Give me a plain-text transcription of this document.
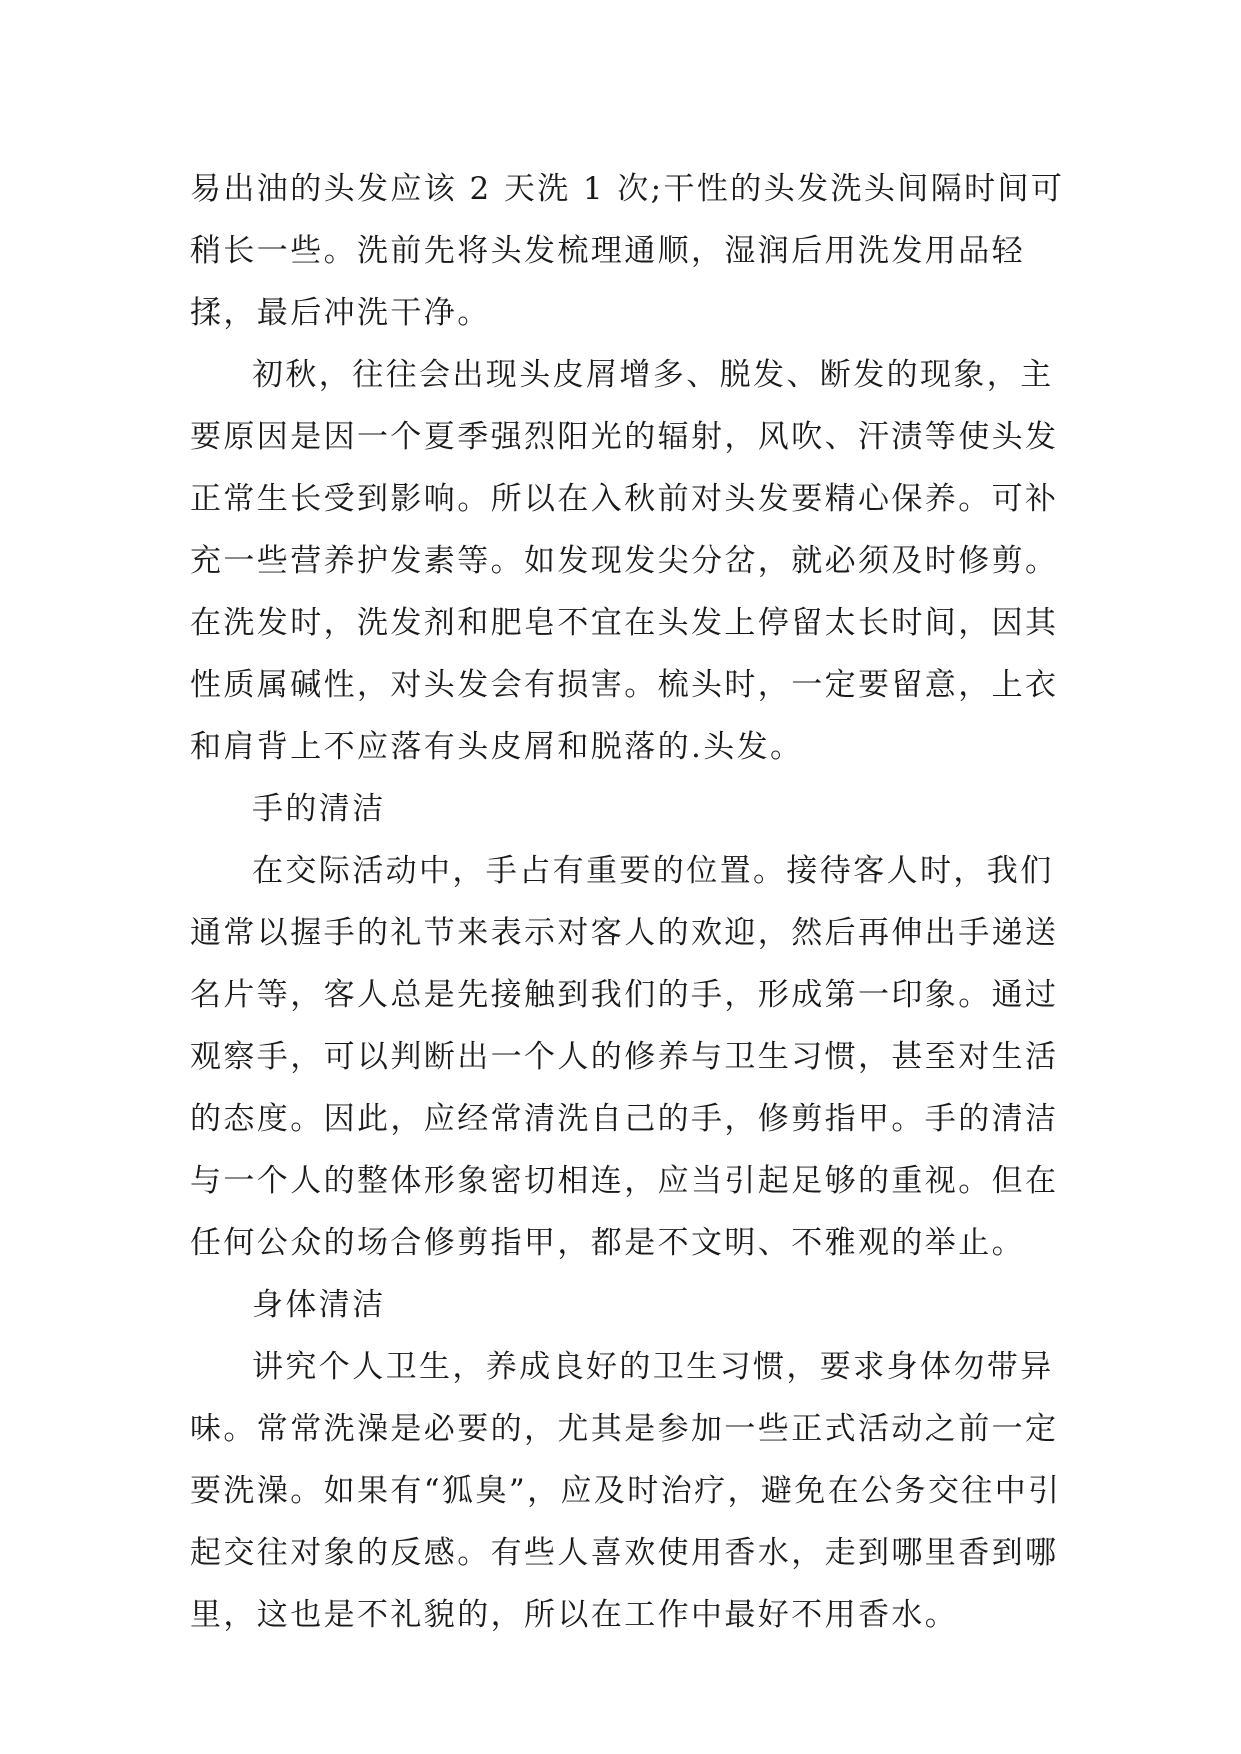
易出油的头发应该 2 天洗 1 次;干性的头发洗头间隔时间可稍长一些。洗前先将头发梳理通顺，湿润后用洗发用品轻揉，最后冲洗干净。

初秋，往往会出现头皮屑增多、脱发、断发的现象，主要原因是因一个夏季强烈阳光的辐射，风吹、汗渍等使头发正常生长受到影响。所以在入秋前对头发要精心保养。可补充一些营养护发素等。如发现发尖分岔，就必须及时修剪。在洗发时，洗发剂和肥皂不宜在头发上停留太长时间，因其性质属碱性，对头发会有损害。梳头时，一定要留意，上衣和肩背上不应落有头皮屑和脱落的.头发。

手的清洁

在交际活动中，手占有重要的位置。接待客人时，我们通常以握手的礼节来表示对客人的欢迎，然后再伸出手递送名片等，客人总是先接触到我们的手，形成第一印象。通过观察手，可以判断出一个人的修养与卫生习惯，甚至对生活的态度。因此，应经常清洗自己的手，修剪指甲。手的清洁与一个人的整体形象密切相连，应当引起足够的重视。但在任何公众的场合修剪指甲，都是不文明、不雅观的举止。

身体清洁

讲究个人卫生，养成良好的卫生习惯，要求身体勿带异味。常常洗澡是必要的，尤其是参加一些正式活动之前一定要洗澡。如果有“狐臭”，应及时治疗，避免在公务交往中引起交往对象的反感。有些人喜欢使用香水，走到哪里香到哪里，这也是不礼貌的，所以在工作中最好不用香水。
